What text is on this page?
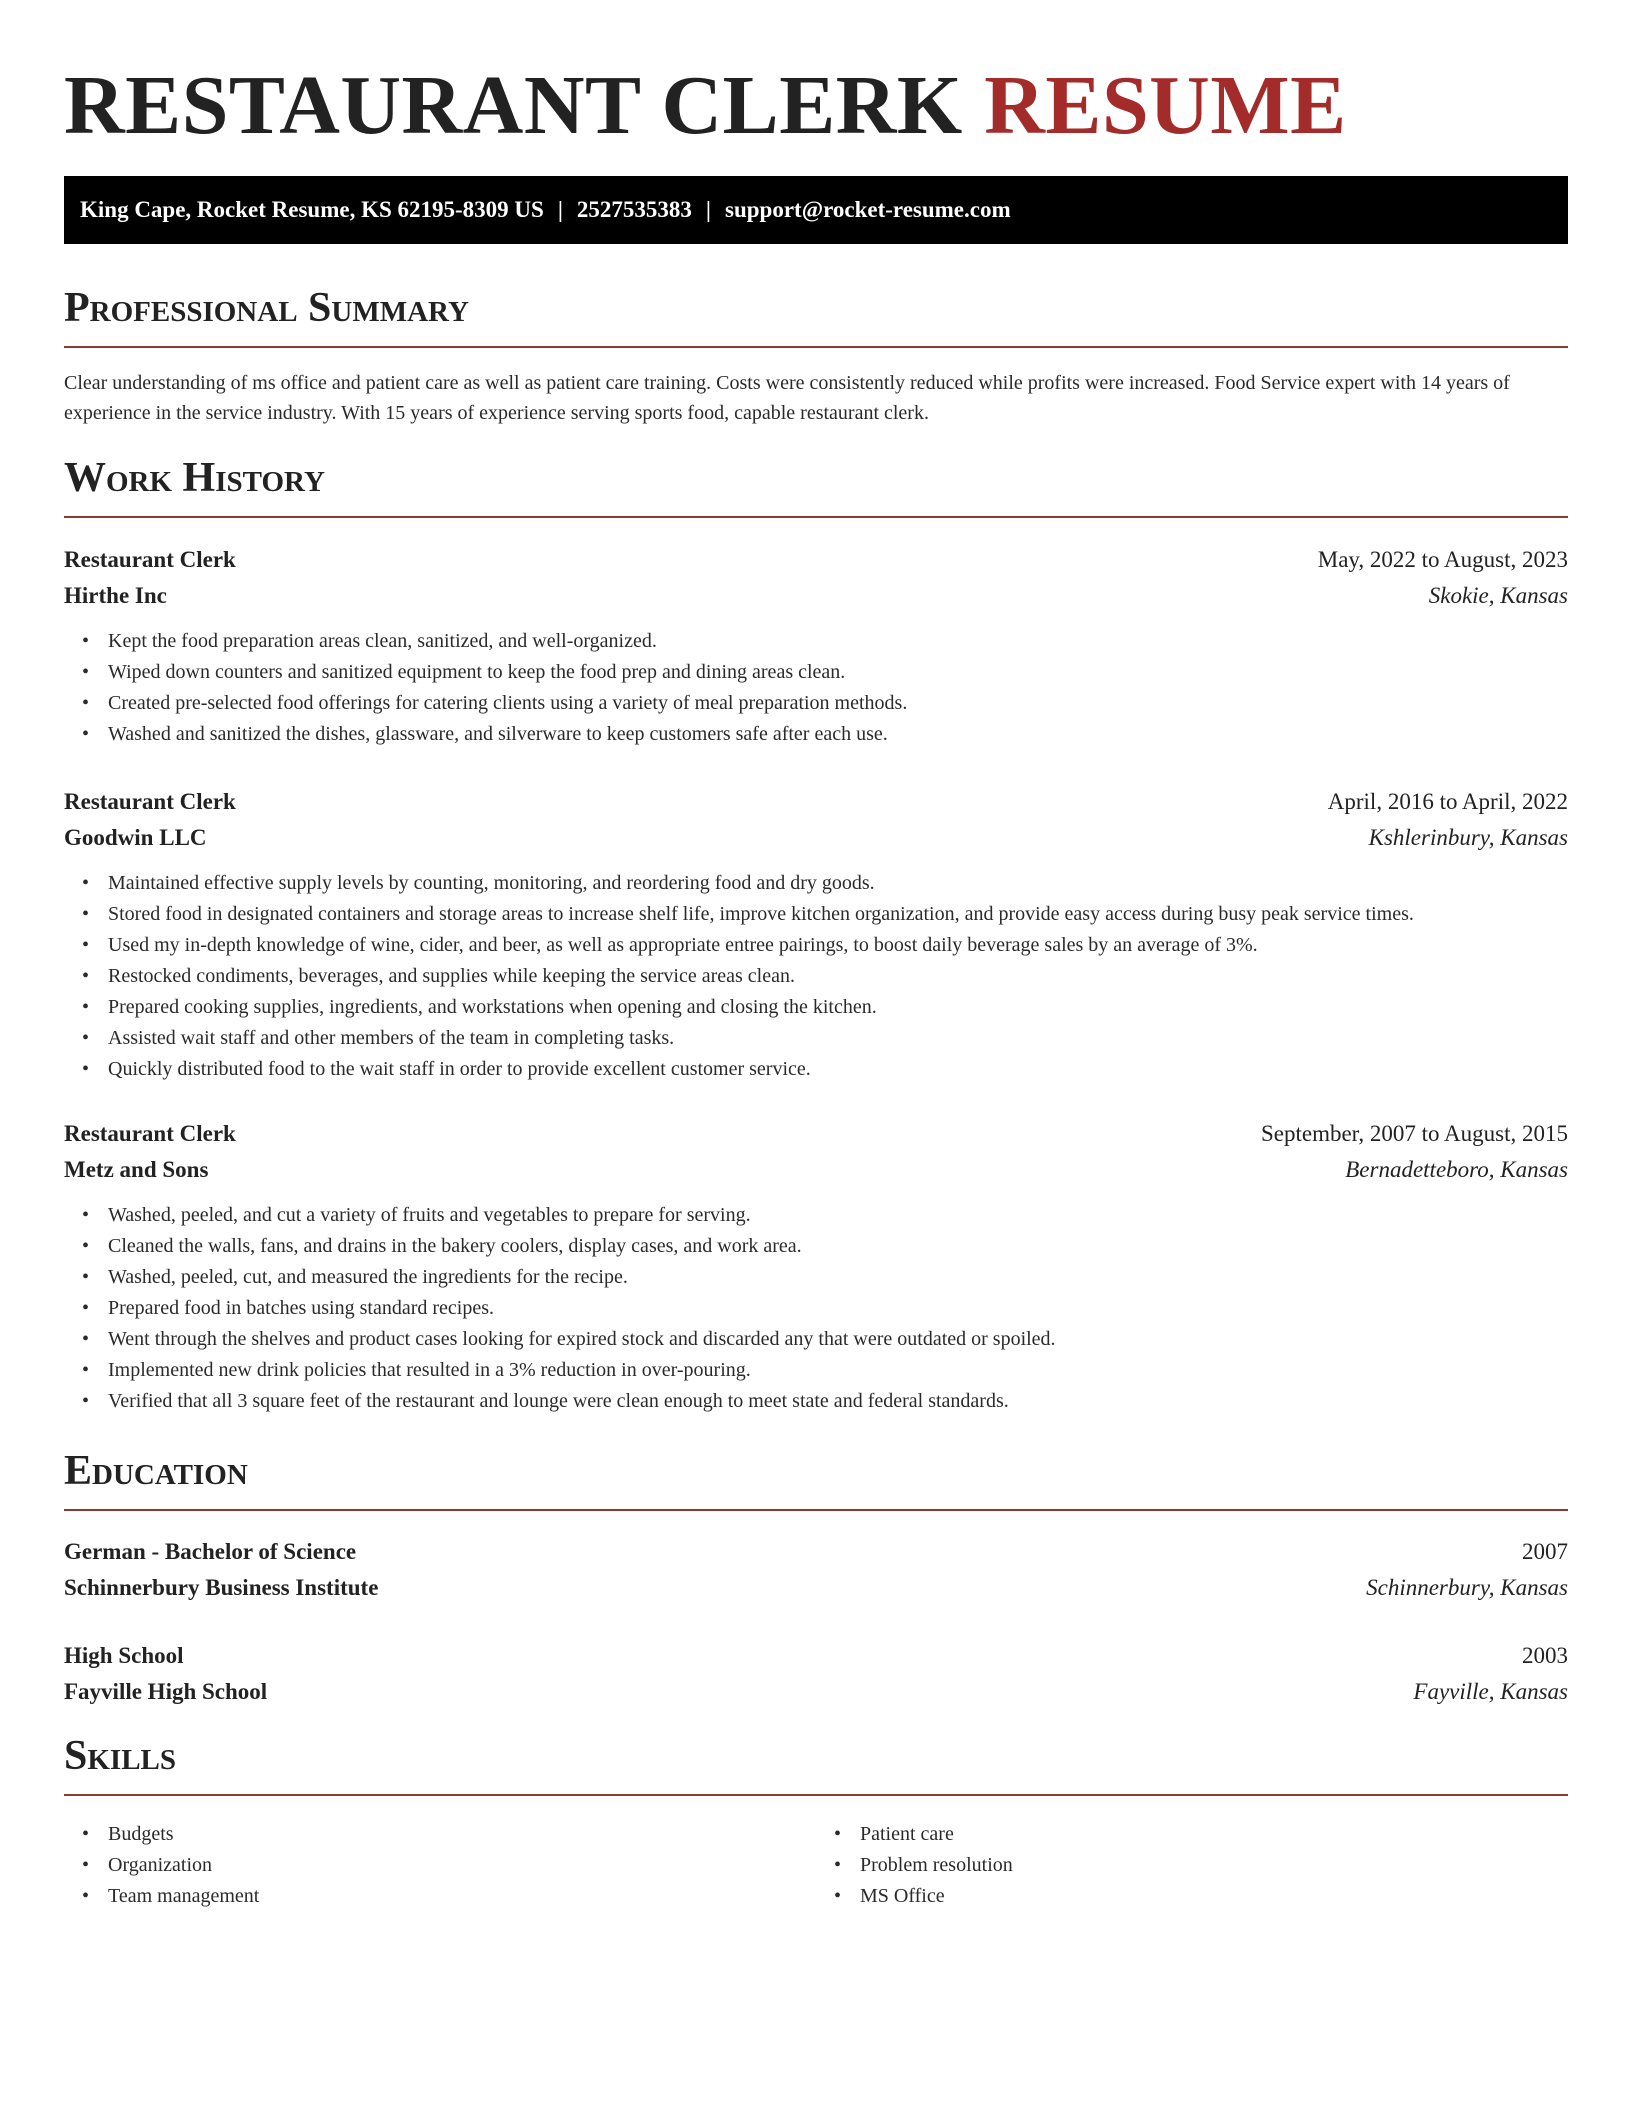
RESTAURANT CLERK RESUME
King Cape, Rocket Resume, KS 62195-8309 US | 2527535383 | support@rocket-resume.com
Professional Summary

Clear understanding of ms office and patient care as well as patient care training. Costs were consistently reduced while profits were increased. Food Service expert with 14 years of experience in the service industry. With 15 years of experience serving sports food, capable restaurant clerk.

Work History
Restaurant Clerk	May, 2022 to August, 2023
Hirthe Inc	Skokie, Kansas
• Kept the food preparation areas clean, sanitized, and well-organized.
• Wiped down counters and sanitized equipment to keep the food prep and dining areas clean.
• Created pre-selected food offerings for catering clients using a variety of meal preparation methods.
• Washed and sanitized the dishes, glassware, and silverware to keep customers safe after each use.
Restaurant Clerk	April, 2016 to April, 2022
Goodwin LLC	Kshlerinbury, Kansas
• Maintained effective supply levels by counting, monitoring, and reordering food and dry goods.
• Stored food in designated containers and storage areas to increase shelf life, improve kitchen organization, and provide easy access during busy peak service times.
• Used my in-depth knowledge of wine, cider, and beer, as well as appropriate entree pairings, to boost daily beverage sales by an average of 3%.
• Restocked condiments, beverages, and supplies while keeping the service areas clean.
• Prepared cooking supplies, ingredients, and workstations when opening and closing the kitchen.
• Assisted wait staff and other members of the team in completing tasks.
• Quickly distributed food to the wait staff in order to provide excellent customer service.
Restaurant Clerk	September, 2007 to August, 2015
Metz and Sons	Bernadetteboro, Kansas
• Washed, peeled, and cut a variety of fruits and vegetables to prepare for serving.
• Cleaned the walls, fans, and drains in the bakery coolers, display cases, and work area.
• Washed, peeled, cut, and measured the ingredients for the recipe.
• Prepared food in batches using standard recipes.
• Went through the shelves and product cases looking for expired stock and discarded any that were outdated or spoiled.
• Implemented new drink policies that resulted in a 3% reduction in over-pouring.
• Verified that all 3 square feet of the restaurant and lounge were clean enough to meet state and federal standards.
Education
German - Bachelor of Science	2007
Schinnerbury Business Institute	Schinnerbury, Kansas
High School	2003
Fayville High School	Fayville, Kansas
Skills
• Budgets
• Organization
• Team management
• Patient care
• Problem resolution
• MS Office
